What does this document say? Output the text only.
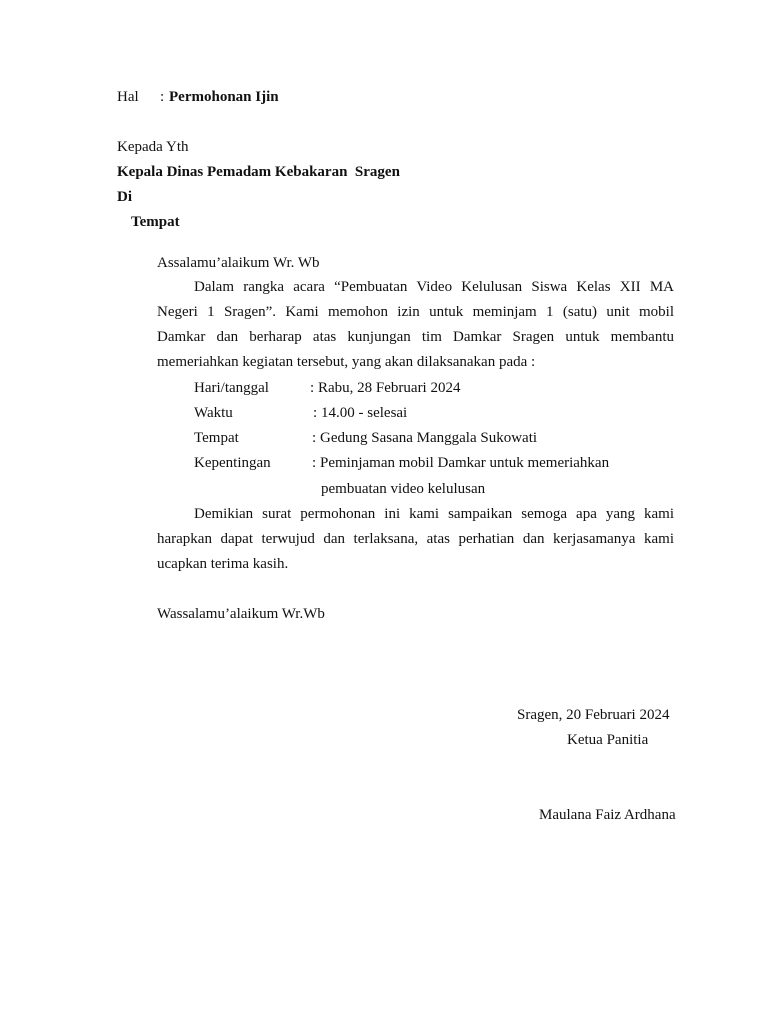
Hal : Permohonan Ijin
Kepada Yth
Kepala Dinas Pemadam Kebakaran  Sragen
Di
Tempat
Assalamu’alaikum Wr. Wb
Dalam rangka acara “Pembuatan Video Kelulusan Siswa Kelas XII MA
Negeri 1 Sragen”. Kami memohon izin untuk meminjam 1 (satu) unit mobil
Damkar dan berharap atas kunjungan tim Damkar Sragen untuk membantu
memeriahkan kegiatan tersebut, yang akan dilaksanakan pada :
Hari/tanggal	: Rabu, 28 Februari 2024
Waktu	: 14.00 - selesai
Tempat	: Gedung Sasana Manggala Sukowati
Kepentingan	: Peminjaman mobil Damkar untuk memeriahkan
pembuatan video kelulusan
Demikian surat permohonan ini kami sampaikan semoga apa yang kami
harapkan dapat terwujud dan terlaksana, atas perhatian dan kerjasamanya kami
ucapkan terima kasih.
Wassalamu’alaikum Wr.Wb
Sragen, 20 Februari 2024
Ketua Panitia
Maulana Faiz Ardhana
